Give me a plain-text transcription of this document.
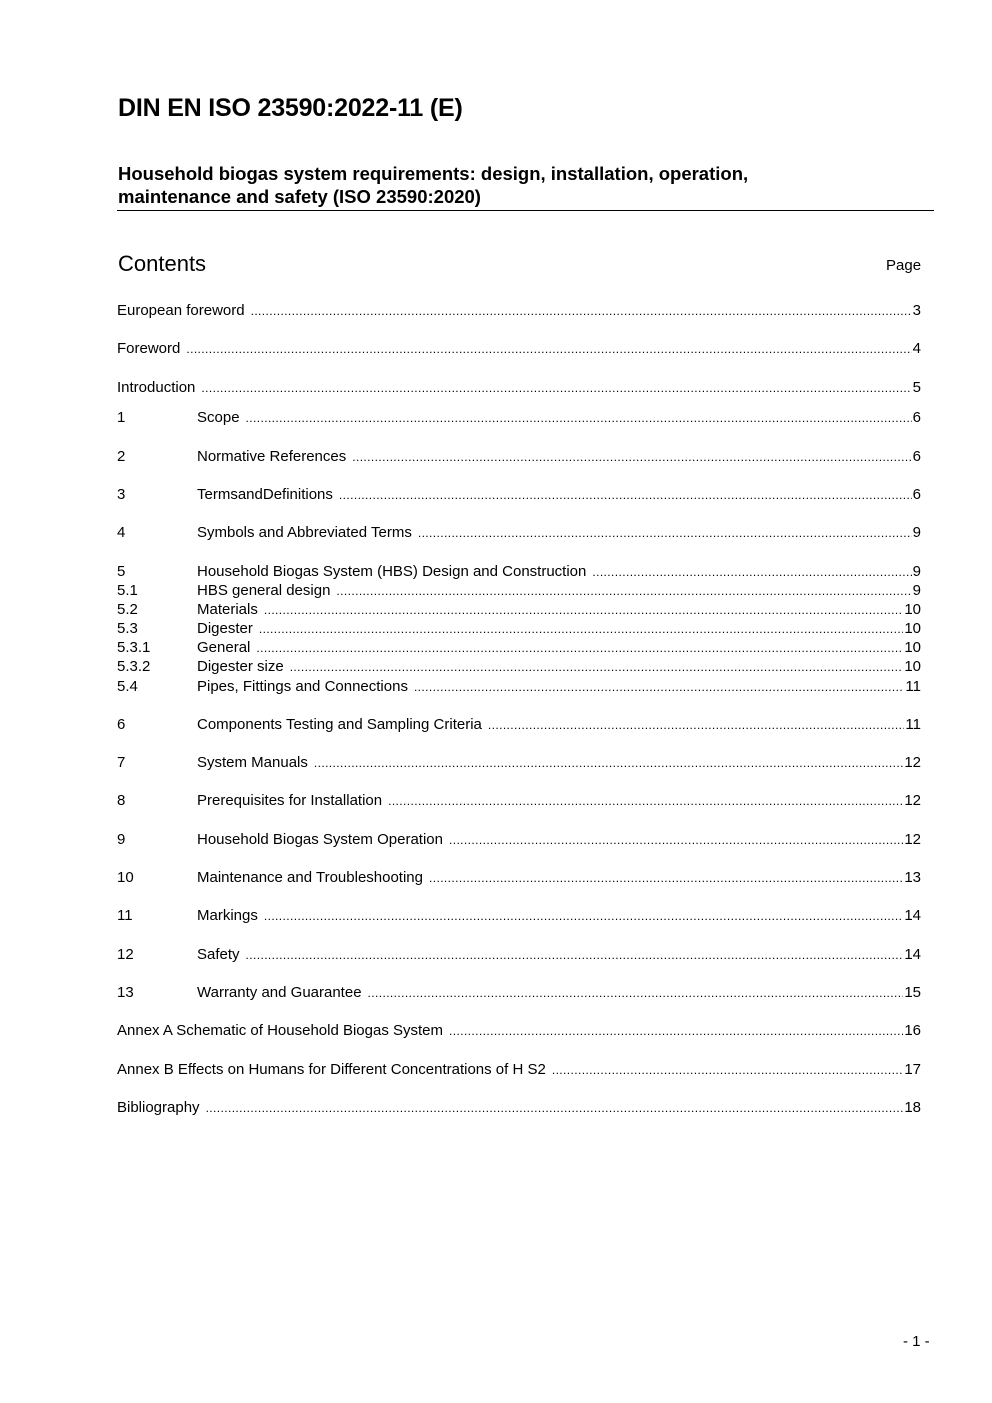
DIN EN ISO 23590:2022-11 (E)
Household biogas system requirements: design, installation, operation,
maintenance and safety (ISO 23590:2020)
Contents	Page
European foreword .....	3
Foreword .....	4
Introduction .....	5
1	Scope .....	6
2	Normative References .....	6
3	TermsandDefinitions .....	6
4	Symbols and Abbreviated Terms .....	9
5	Household Biogas System (HBS) Design and Construction .....	9
5.1	HBS general design .....	9
5.2	Materials .....	10
5.3	Digester .....	10
5.3.1	General .....	10
5.3.2	Digester size .....	10
5.4	Pipes, Fittings and Connections .....	11
6	Components Testing and Sampling Criteria .....	11
7	System Manuals .....	12
8	Prerequisites for Installation .....	12
9	Household Biogas System Operation .....	12
10	Maintenance and Troubleshooting .....	13
11	Markings .....	14
12	Safety .....	14
13	Warranty and Guarantee .....	15
Annex A Schematic of Household Biogas System .....	16
Annex B Effects on Humans for Different Concentrations of H S2 .....	17
Bibliography .....	18
- 1 -
